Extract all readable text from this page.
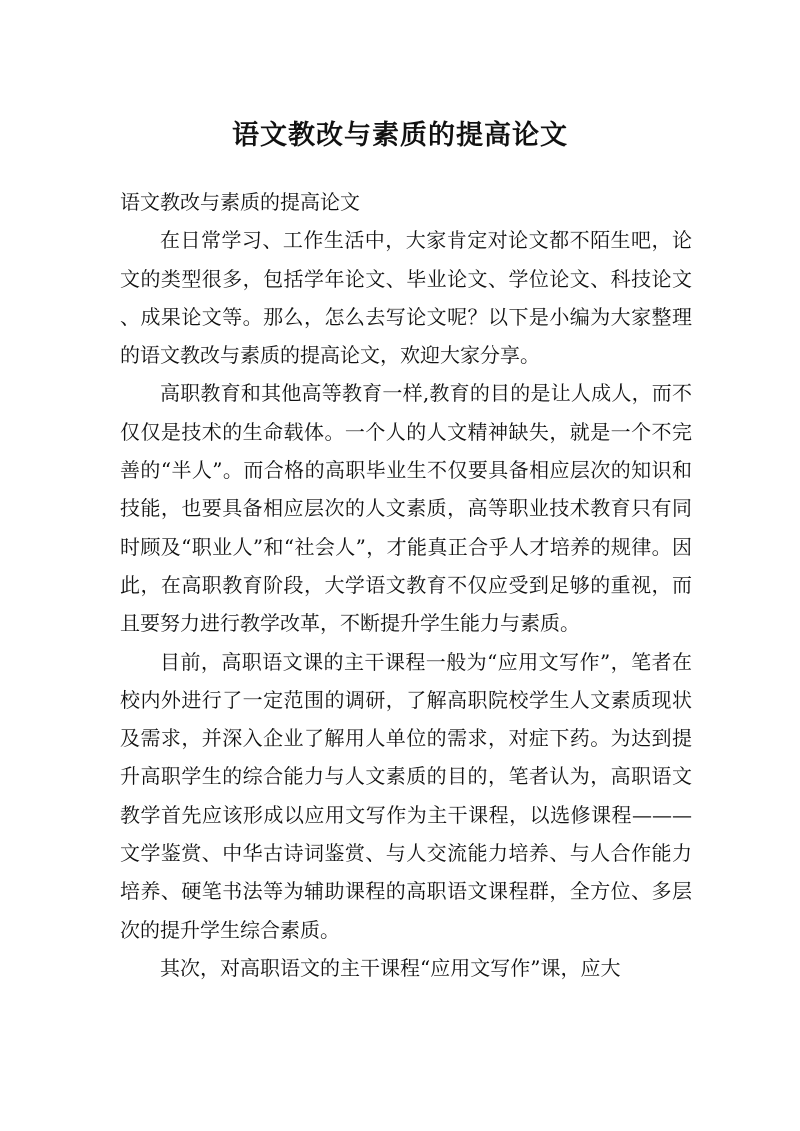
语文教改与素质的提高论文

语文教改与素质的提高论文

在日常学习、工作生活中，大家肯定对论文都不陌生吧，论文的类型很多，包括学年论文、毕业论文、学位论文、科技论文、成果论文等。那么，怎么去写论文呢？以下是小编为大家整理的语文教改与素质的提高论文，欢迎大家分享。

高职教育和其他高等教育一样,教育的目的是让人成人，而不仅仅是技术的生命载体。一个人的人文精神缺失，就是一个不完善的“半人”。而合格的高职毕业生不仅要具备相应层次的知识和技能，也要具备相应层次的人文素质，高等职业技术教育只有同时顾及“职业人”和“社会人”，才能真正合乎人才培养的规律。因此，在高职教育阶段，大学语文教育不仅应受到足够的重视，而且要努力进行教学改革，不断提升学生能力与素质。

目前，高职语文课的主干课程一般为“应用文写作”，笔者在校内外进行了一定范围的调研，了解高职院校学生人文素质现状及需求，并深入企业了解用人单位的需求，对症下药。为达到提升高职学生的综合能力与人文素质的目的，笔者认为，高职语文教学首先应该形成以应用文写作为主干课程，以选修课程———文学鉴赏、中华古诗词鉴赏、与人交流能力培养、与人合作能力培养、硬笔书法等为辅助课程的高职语文课程群，全方位、多层次的提升学生综合素质。

其次，对高职语文的主干课程“应用文写作”课，应大
